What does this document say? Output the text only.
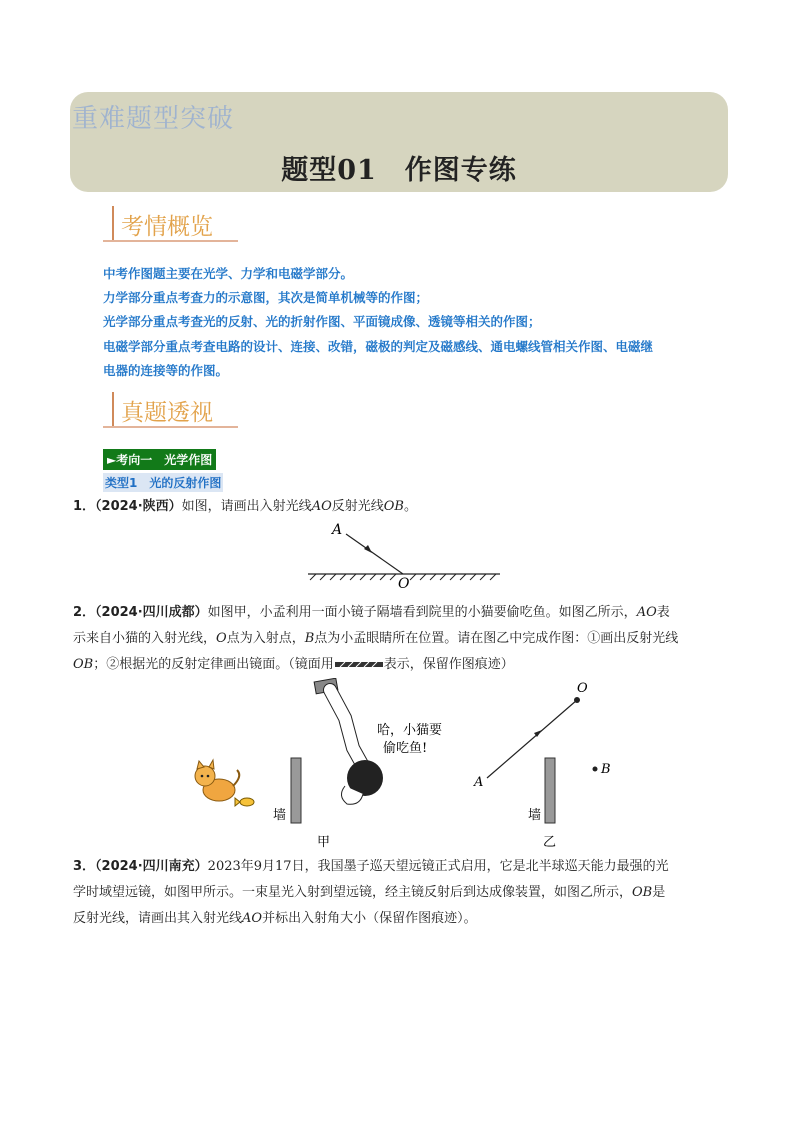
重难题型突破
题型01　作图专练
考情概览
中考作图题主要在光学、力学和电磁学部分。
力学部分重点考查力的示意图，其次是简单机械等的作图；
光学部分重点考查光的反射、光的折射作图、平面镜成像、透镜等相关的作图；
电磁学部分重点考查电路的设计、连接、改错，磁极的判定及磁感线、通电螺线管相关作图、电磁继
电器的连接等的作图。
真题透视
►考向一　光学作图
类型1　光的反射作图
1．（2024·陕西）如图，请画出入射光线AO反射光线OB。
A
O
2．（2024·四川成都）如图甲，小孟利用一面小镜子隔墙看到院里的小猫要偷吃鱼。如图乙所示，AO表
示来自小猫的入射光线，O点为入射点，B点为小孟眼睛所在位置。请在图乙中完成作图：①画出反射光线
OB；②根据光的反射定律画出镜面。（镜面用	表示，保留作图痕迹）
墙
哈，小猫要
偷吃鱼!
甲
A
O
B
墙
乙
3．（2024·四川南充）2023年9月17日，我国墨子巡天望远镜正式启用，它是北半球巡天能力最强的光
学时域望远镜，如图甲所示。一束星光入射到望远镜，经主镜反射后到达成像装置，如图乙所示，OB是
反射光线，请画出其入射光线AO并标出入射角大小（保留作图痕迹）。
